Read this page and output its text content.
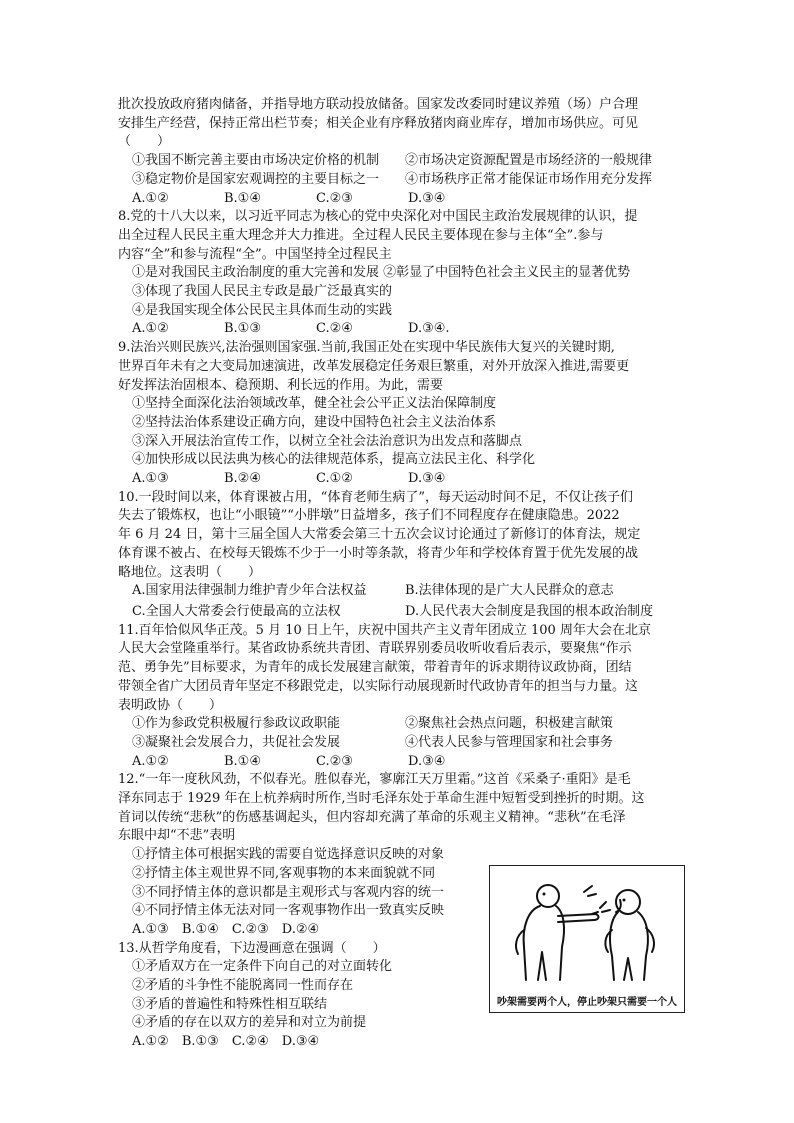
批次投放政府猪肉储备，并指导地方联动投放储备。国家发改委同时建议养殖（场）户合理

安排生产经营，保持正常出栏节奏；相关企业有序释放猪肉商业库存，增加市场供应。可见

（　　）

①我国不断完善主要由市场决定价格的机制	②市场决定资源配置是市场经济的一般规律
③稳定物价是国家宏观调控的主要目标之一	④市场秩序正常才能保证市场作用充分发挥
A.①②	B.①④	C.②③	D.③④

8.党的十八大以来，以习近平同志为核心的党中央深化对中国民主政治发展规律的认识，提

出全过程人民民主重大理念并大力推进。全过程人民民主要体现在参与主体“全”.参与

内容“全”和参与流程“全”。中国坚持全过程民主

①是对我国民主政治制度的重大完善和发展 ②彰显了中国特色社会主义民主的显著优势

③体现了我国人民民主专政是最广泛最真实的

④是我国实现全体公民民主具体而生动的实践

A.①②	B.①③	C.②④	D.③④.

9.法治兴则民族兴,法治强则国家强.当前,我国正处在实现中华民族伟大复兴的关键时期,

世界百年未有之大变局加速演进，改革发展稳定任务艰巨繁重，对外开放深入推进,需要更

好发挥法治固根本、稳预期、利长远的作用。为此，需要

①坚持全面深化法治领域改革，健全社会公平正义法治保障制度

②坚持法治体系建设正确方向，建设中国特色社会主义法治体系

③深入开展法治宣传工作，以树立全社会法治意识为出发点和落脚点

④加快形成以民法典为核心的法律规范体系，提高立法民主化、科学化

A.①③	B.②④	C.①②	D.③④

10.一段时间以来，体育课被占用，“体育老师生病了”，每天运动时间不足，不仅让孩子们

失去了锻炼权，也让“小眼镜”“小胖墩”日益增多，孩子们不同程度存在健康隐患。2022

年 6 月 24 日，第十三届全国人大常委会第三十五次会议讨论通过了新修订的体育法，规定

体育课不被占、在校每天锻炼不少于一小时等条款，将青少年和学校体育置于优先发展的战

略地位。这表明（　　）

A.国家用法律强制力维护青少年合法权益	B.法律体现的是广大人民群众的意志
C.全国人大常委会行使最高的立法权	D.人民代表大会制度是我国的根本政治制度

11.百年恰似风华正茂。5 月 10 日上午，庆祝中国共产主义青年团成立 100 周年大会在北京

人民大会堂隆重举行。某省政协系统共青团、青联界别委员收听收看后表示，要聚焦“作示

范、勇争先”目标要求，为青年的成长发展建言献策，带着青年的诉求期待议政协商，团结

带领全省广大团员青年坚定不移跟党走，以实际行动展现新时代政协青年的担当与力量。这

表明政协（　　）

①作为参政党积极履行参政议政职能	②聚焦社会热点问题，积极建言献策
③凝聚社会发展合力，共促社会发展	④代表人民参与管理国家和社会事务
A.①②	B.①④	C.②③	D.③④

12.“一年一度秋风劲，不似春光。胜似春光，寥廓江天万里霜。”这首《采桑子·重阳》是毛

泽东同志于 1929 年在上杭养病时所作,当时毛泽东处于革命生涯中短暂受到挫折的时期。这

首词以传统“悲秋”的伤感基调起头，但内容却充满了革命的乐观主义精神。“悲秋”在毛泽

东眼中却“不悲”表明

①抒情主体可根据实践的需要自觉选择意识反映的对象

②抒情主体主观世界不同,客观事物的本来面貌就不同

③不同抒情主体的意识都是主观形式与客观内容的统一

④不同抒情主体无法对同一客观事物作出一致真实反映

A.①③　B.①④　C.②③　D.②④

13.从哲学角度看，下边漫画意在强调（　　）

①矛盾双方在一定条件下向自己的对立面转化

②矛盾的斗争性不能脱离同一性而存在

③矛盾的普遍性和特殊性相互联结

④矛盾的存在以双方的差异和对立为前提

A.①②　B.①③　C.②④　D.③④

吵架需要两个人，停止吵架只需要一个人
